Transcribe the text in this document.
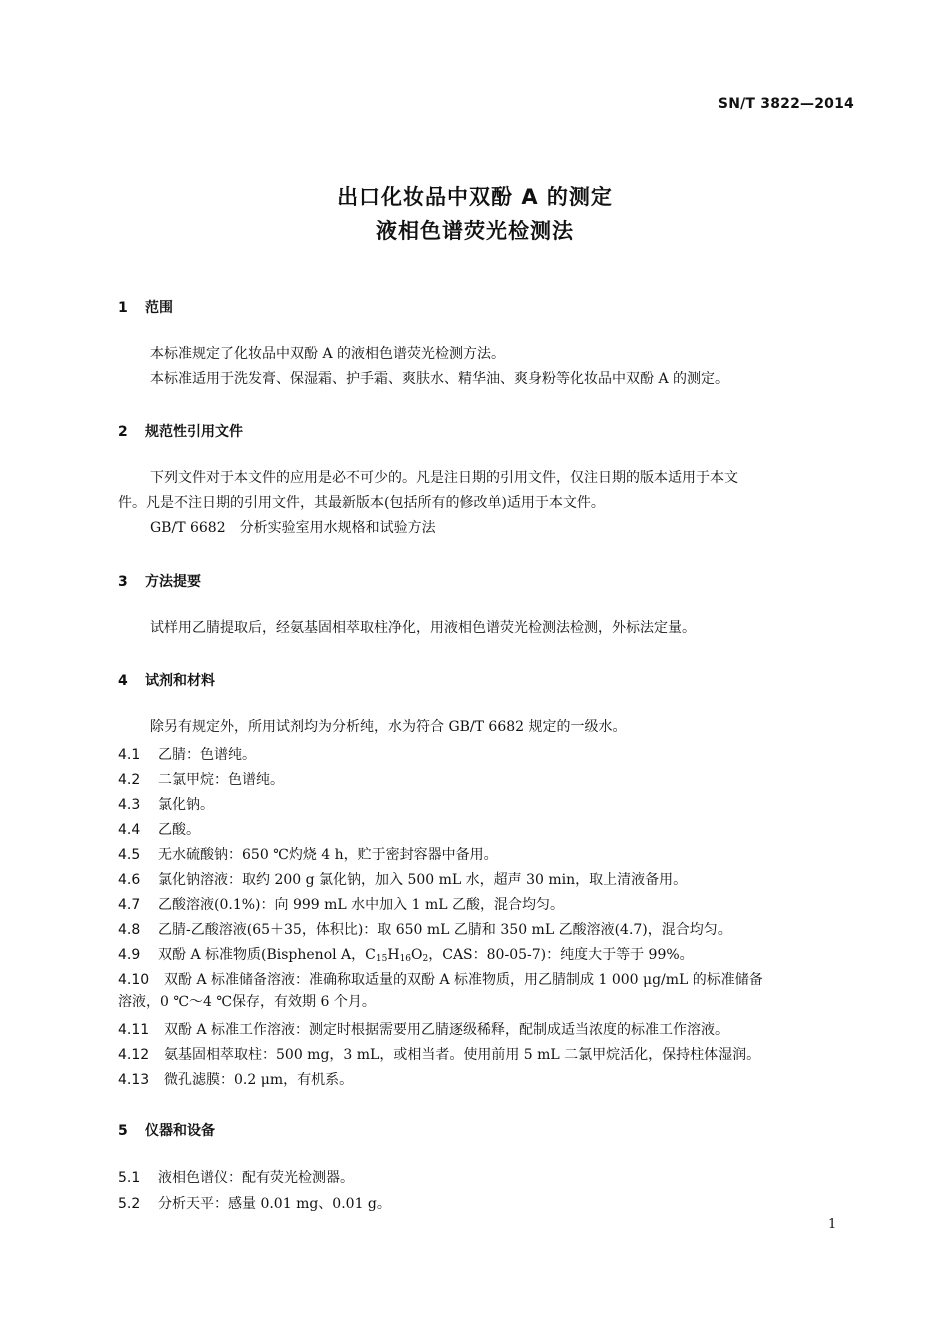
SN/T 3822—2014
出口化妆品中双酚 A 的测定
液相色谱荧光检测法
1 范围
本标准规定了化妆品中双酚 A 的液相色谱荧光检测方法。
本标准适用于洗发膏、保湿霜、护手霜、爽肤水、精华油、爽身粉等化妆品中双酚 A 的测定。
2 规范性引用文件
下列文件对于本文件的应用是必不可少的。凡是注日期的引用文件，仅注日期的版本适用于本文
件。凡是不注日期的引用文件，其最新版本(包括所有的修改单)适用于本文件。
GB/T 6682　分析实验室用水规格和试验方法
3 方法提要
试样用乙腈提取后，经氨基固相萃取柱净化，用液相色谱荧光检测法检测，外标法定量。
4 试剂和材料
除另有规定外，所用试剂均为分析纯，水为符合 GB/T 6682 规定的一级水。
4.1 乙腈：色谱纯。
4.2 二氯甲烷：色谱纯。
4.3 氯化钠。
4.4 乙酸。
4.5 无水硫酸钠：650 ℃灼烧 4 h，贮于密封容器中备用。
4.6 氯化钠溶液：取约 200 g 氯化钠，加入 500 mL 水，超声 30 min，取上清液备用。
4.7 乙酸溶液(0.1%)：向 999 mL 水中加入 1 mL 乙酸，混合均匀。
4.8 乙腈-乙酸溶液(65＋35，体积比)：取 650 mL 乙腈和 350 mL 乙酸溶液(4.7)，混合均匀。
4.9 双酚 A 标准物质(Bisphenol A，$C_{15}H_{16}O_2$，CAS：80-05-7)：纯度大于等于 99%。
4.10 双酚 A 标准储备溶液：准确称取适量的双酚 A 标准物质，用乙腈制成 1 000 μg/mL 的标准储备
溶液，0 ℃～4 ℃保存，有效期 6 个月。
4.11 双酚 A 标准工作溶液：测定时根据需要用乙腈逐级稀释，配制成适当浓度的标准工作溶液。
4.12 氨基固相萃取柱：500 mg，3 mL，或相当者。使用前用 5 mL 二氯甲烷活化，保持柱体湿润。
4.13 微孔滤膜：0.2 μm，有机系。
5 仪器和设备
5.1 液相色谱仪：配有荧光检测器。
5.2 分析天平：感量 0.01 mg、0.01 g。
1
